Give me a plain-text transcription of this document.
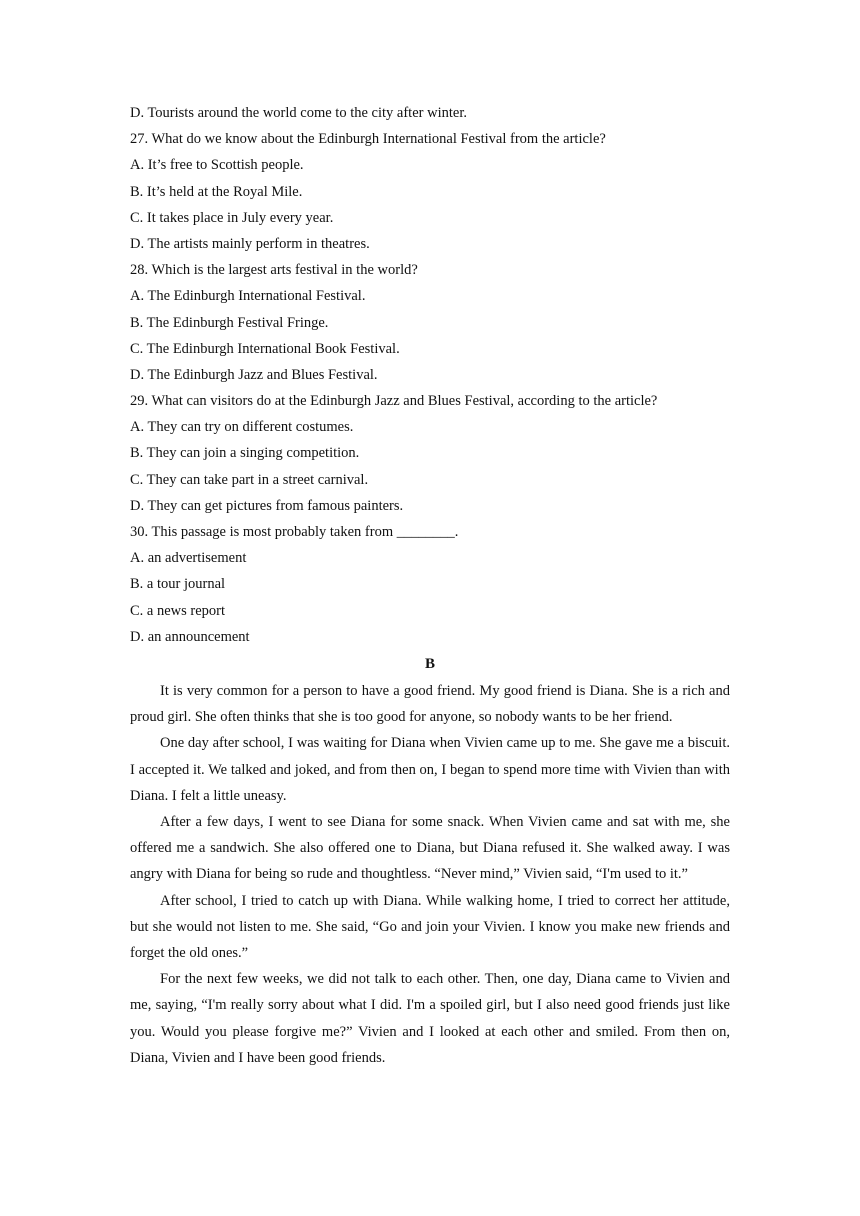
D. Tourists around the world come to the city after winter.
27. What do we know about the Edinburgh International Festival from the article?
A. It’s free to Scottish people.
B. It’s held at the Royal Mile.
C. It takes place in July every year.
D. The artists mainly perform in theatres.
28. Which is the largest arts festival in the world?
A. The Edinburgh International Festival.
B. The Edinburgh Festival Fringe.
C. The Edinburgh International Book Festival.
D. The Edinburgh Jazz and Blues Festival.
29. What can visitors do at the Edinburgh Jazz and Blues Festival, according to the article?
A. They can try on different costumes.
B. They can join a singing competition.
C. They can take part in a street carnival.
D. They can get pictures from famous painters.
30. This passage is most probably taken from ________.
A. an advertisement
B. a tour journal
C. a news report
D. an announcement
B

It is very common for a person to have a good friend. My good friend is Diana. She is a rich and proud girl. She often thinks that she is too good for anyone, so nobody wants to be her friend.

One day after school, I was waiting for Diana when Vivien came up to me. She gave me a biscuit. I accepted it. We talked and joked, and from then on, I began to spend more time with Vivien than with Diana. I felt a little uneasy.

After a few days, I went to see Diana for some snack. When Vivien came and sat with me, she offered me a sandwich. She also offered one to Diana, but Diana refused it. She walked away. I was angry with Diana for being so rude and thoughtless. “Never mind,” Vivien said, “I'm used to it.”

After school, I tried to catch up with Diana. While walking home, I tried to correct her attitude, but she would not listen to me. She said, “Go and join your Vivien. I know you make new friends and forget the old ones.”

For the next few weeks, we did not talk to each other. Then, one day, Diana came to Vivien and me, saying, “I'm really sorry about what I did. I'm a spoiled girl, but I also need good friends just like you. Would you please forgive me?” Vivien and I looked at each other and smiled. From then on, Diana, Vivien and I have been good friends.
